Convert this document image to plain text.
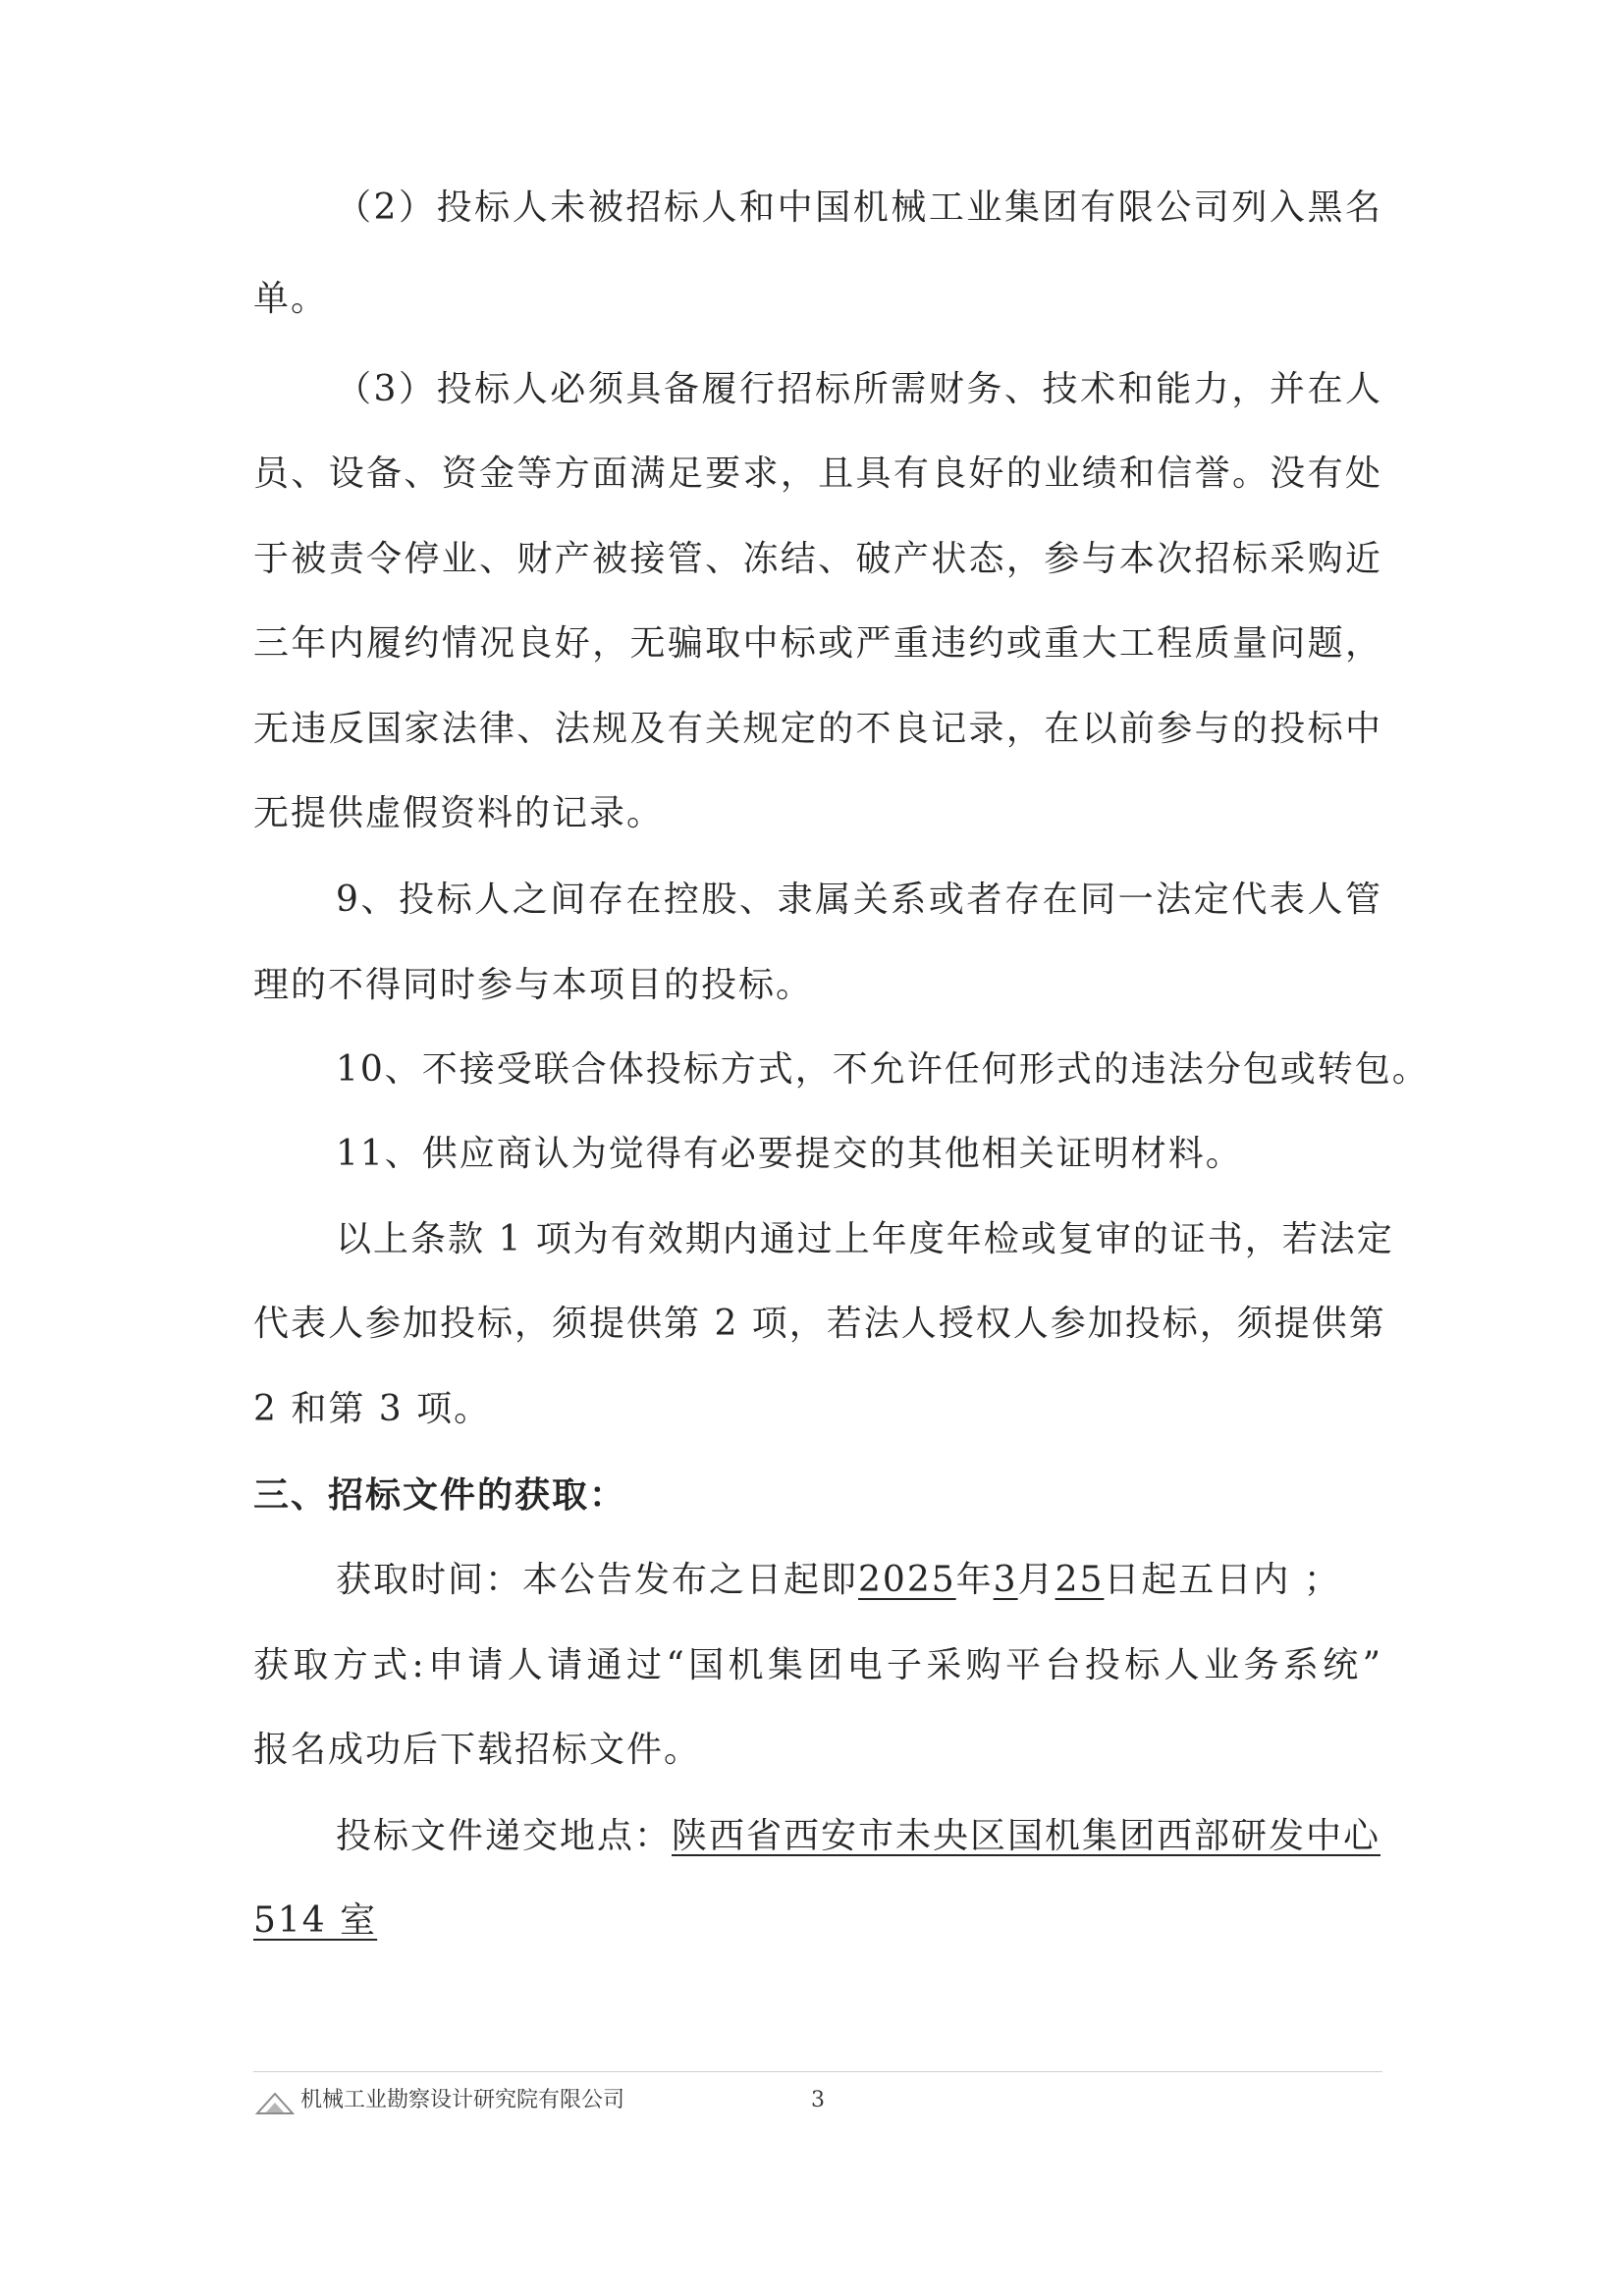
（2）投标人未被招标人和中国机械工业集团有限公司列入黑名
单。
（3）投标人必须具备履行招标所需财务、技术和能力，并在人
员、设备、资金等方面满足要求，且具有良好的业绩和信誉。没有处
于被责令停业、财产被接管、冻结、破产状态，参与本次招标采购近
三年内履约情况良好，无骗取中标或严重违约或重大工程质量问题，
无违反国家法律、法规及有关规定的不良记录，在以前参与的投标中
无提供虚假资料的记录。
9、投标人之间存在控股、隶属关系或者存在同一法定代表人管
理的不得同时参与本项目的投标。
10、不接受联合体投标方式，不允许任何形式的违法分包或转包。
11、供应商认为觉得有必要提交的其他相关证明材料。
以上条款 1 项为有效期内通过上年度年检或复审的证书，若法定
代表人参加投标，须提供第 2 项，若法人授权人参加投标，须提供第
2 和第 3 项。
三、招标文件的获取：
获取时间：本公告发布之日起即2025年3月25日起五日内 ；
获取方式:申请人请通过“国机集团电子采购平台投标人业务系统”
报名成功后下载招标文件。
投标文件递交地点：陕西省西安市未央区国机集团西部研发中心
514 室
机械工业勘察设计研究院有限公司	3
